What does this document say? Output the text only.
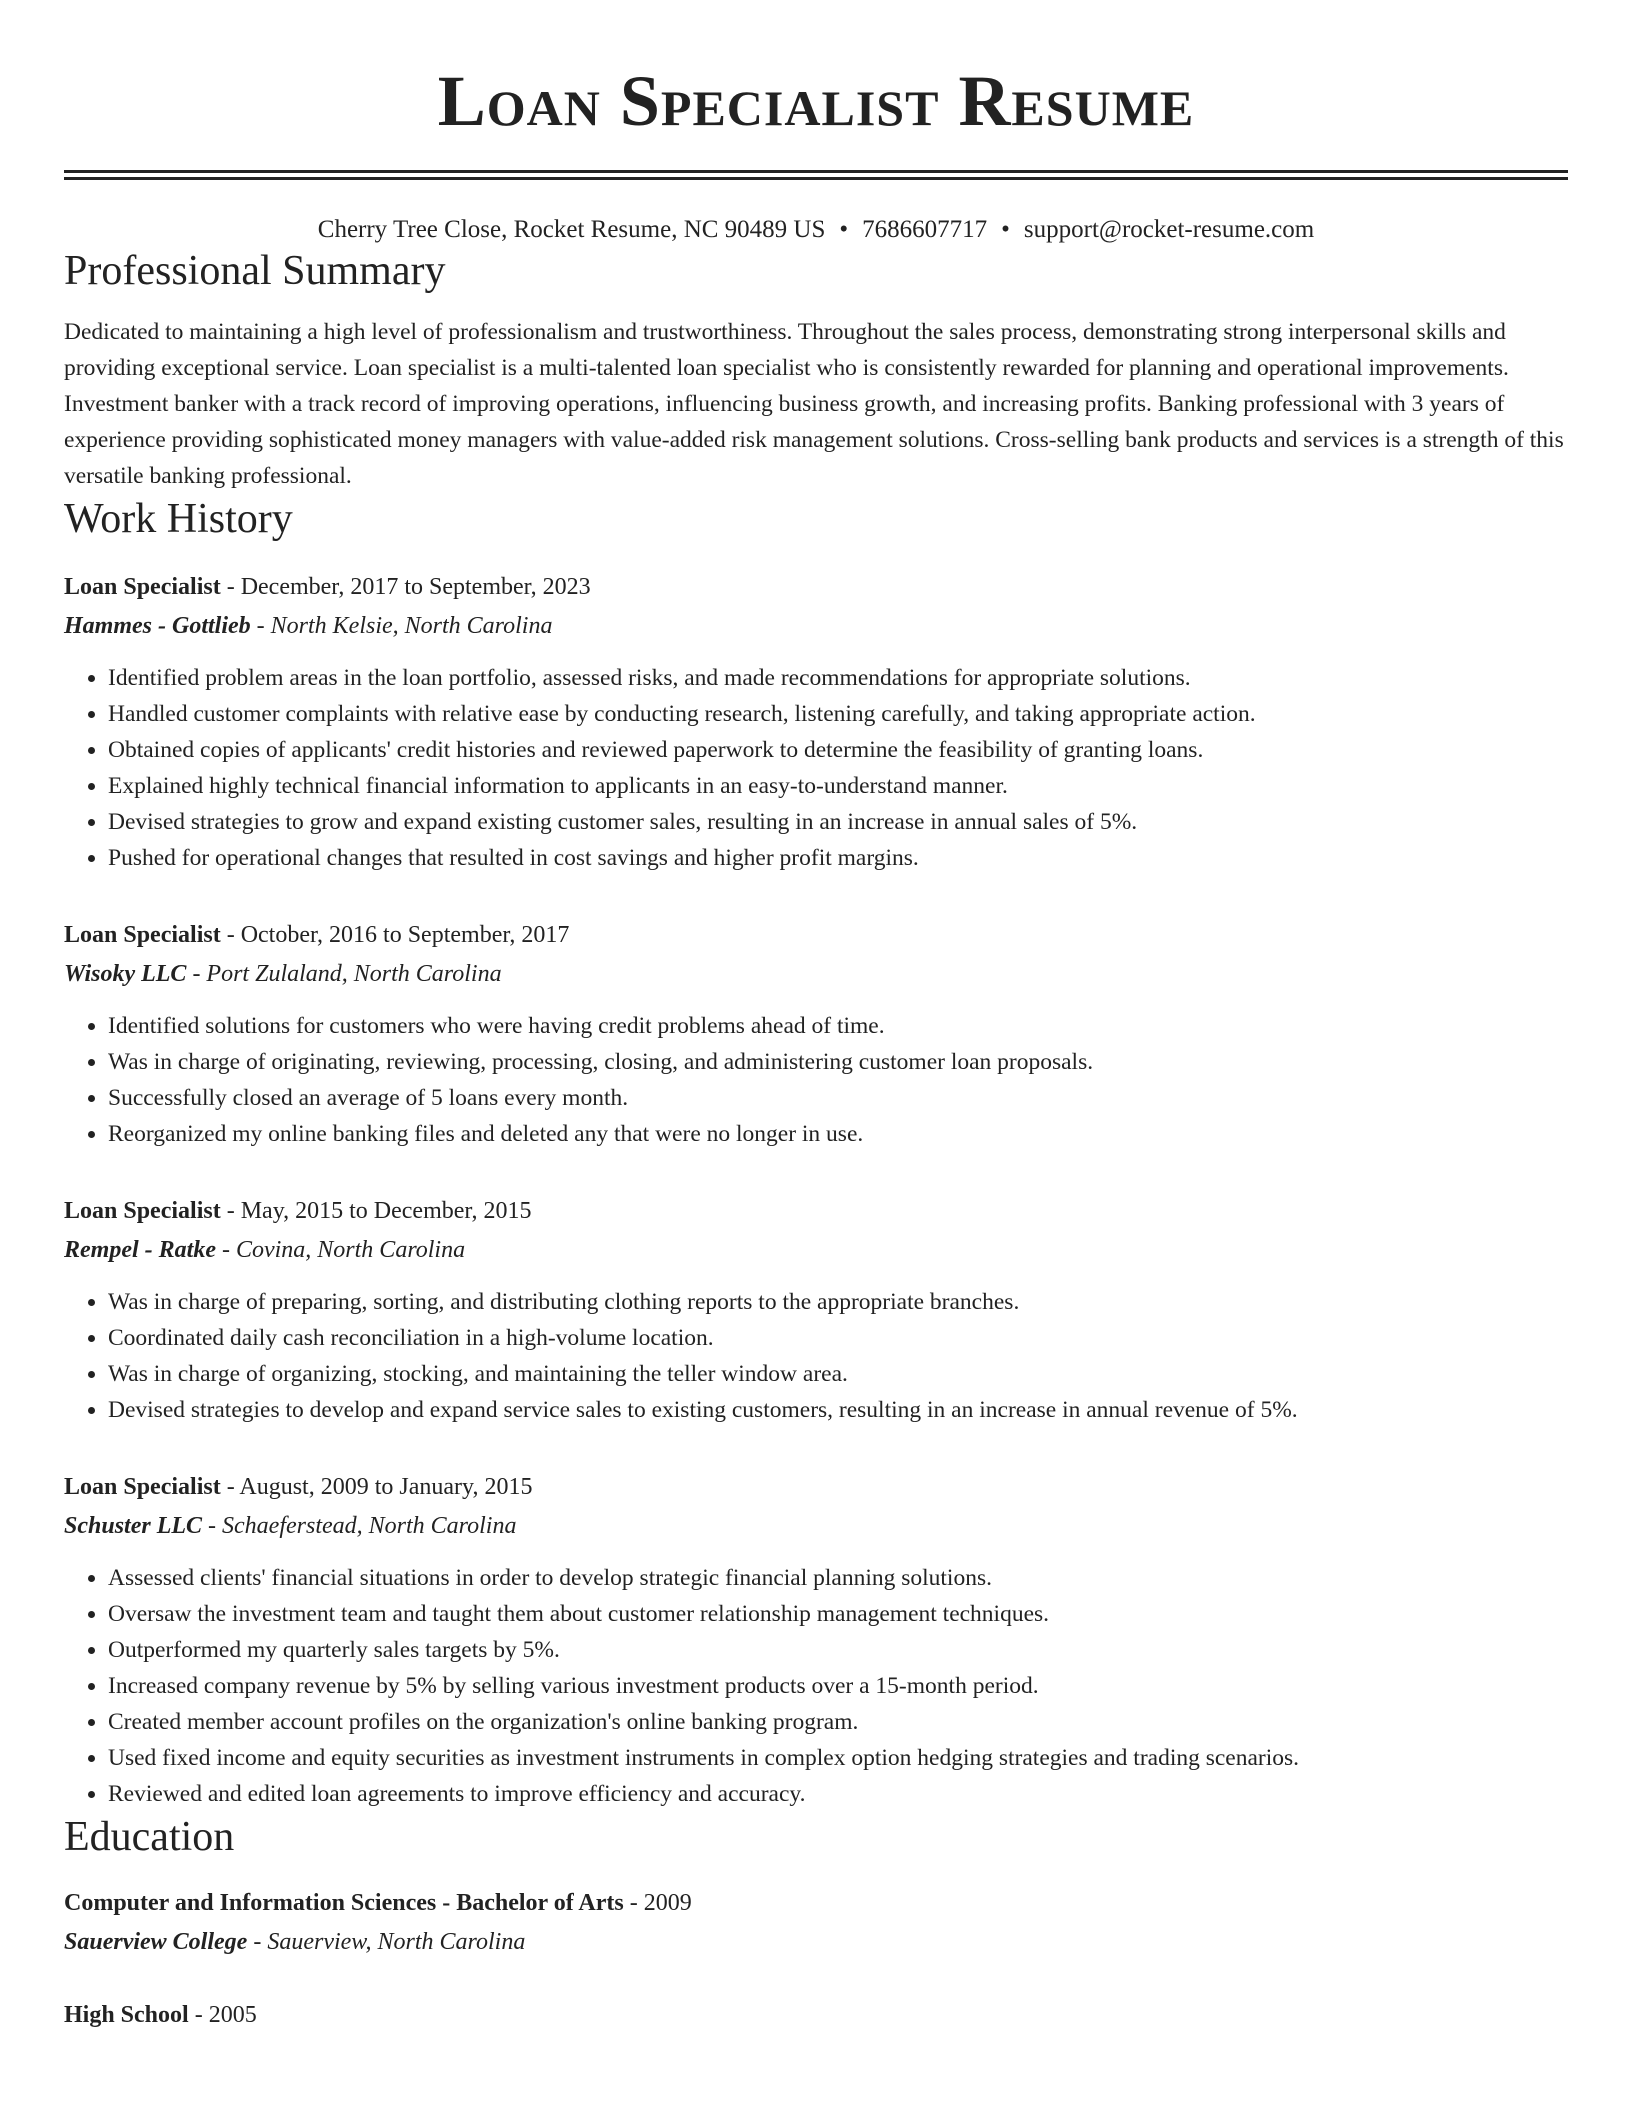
Loan Specialist Resume
Cherry Tree Close, Rocket Resume, NC 90489 US • 7686607717 • support@rocket-resume.com
Professional Summary

Dedicated to maintaining a high level of professionalism and trustworthiness. Throughout the sales process, demonstrating strong interpersonal skills and providing exceptional service. Loan specialist is a multi-talented loan specialist who is consistently rewarded for planning and operational improvements. Investment banker with a track record of improving operations, influencing business growth, and increasing profits. Banking professional with 3 years of experience providing sophisticated money managers with value-added risk management solutions. Cross-selling bank products and services is a strength of this versatile banking professional.

Work History
Loan Specialist - December, 2017 to September, 2023
Hammes - Gottlieb - North Kelsie, North Carolina
• Identified problem areas in the loan portfolio, assessed risks, and made recommendations for appropriate solutions.
• Handled customer complaints with relative ease by conducting research, listening carefully, and taking appropriate action.
• Obtained copies of applicants' credit histories and reviewed paperwork to determine the feasibility of granting loans.
• Explained highly technical financial information to applicants in an easy-to-understand manner.
• Devised strategies to grow and expand existing customer sales, resulting in an increase in annual sales of 5%.
• Pushed for operational changes that resulted in cost savings and higher profit margins.
Loan Specialist - October, 2016 to September, 2017
Wisoky LLC - Port Zulaland, North Carolina
• Identified solutions for customers who were having credit problems ahead of time.
• Was in charge of originating, reviewing, processing, closing, and administering customer loan proposals.
• Successfully closed an average of 5 loans every month.
• Reorganized my online banking files and deleted any that were no longer in use.
Loan Specialist - May, 2015 to December, 2015
Rempel - Ratke - Covina, North Carolina
• Was in charge of preparing, sorting, and distributing clothing reports to the appropriate branches.
• Coordinated daily cash reconciliation in a high-volume location.
• Was in charge of organizing, stocking, and maintaining the teller window area.
• Devised strategies to develop and expand service sales to existing customers, resulting in an increase in annual revenue of 5%.
Loan Specialist - August, 2009 to January, 2015
Schuster LLC - Schaeferstead, North Carolina
• Assessed clients' financial situations in order to develop strategic financial planning solutions.
• Oversaw the investment team and taught them about customer relationship management techniques.
• Outperformed my quarterly sales targets by 5%.
• Increased company revenue by 5% by selling various investment products over a 15-month period.
• Created member account profiles on the organization's online banking program.
• Used fixed income and equity securities as investment instruments in complex option hedging strategies and trading scenarios.
• Reviewed and edited loan agreements to improve efficiency and accuracy.
Education
Computer and Information Sciences - Bachelor of Arts - 2009
Sauerview College - Sauerview, North Carolina
High School - 2005
